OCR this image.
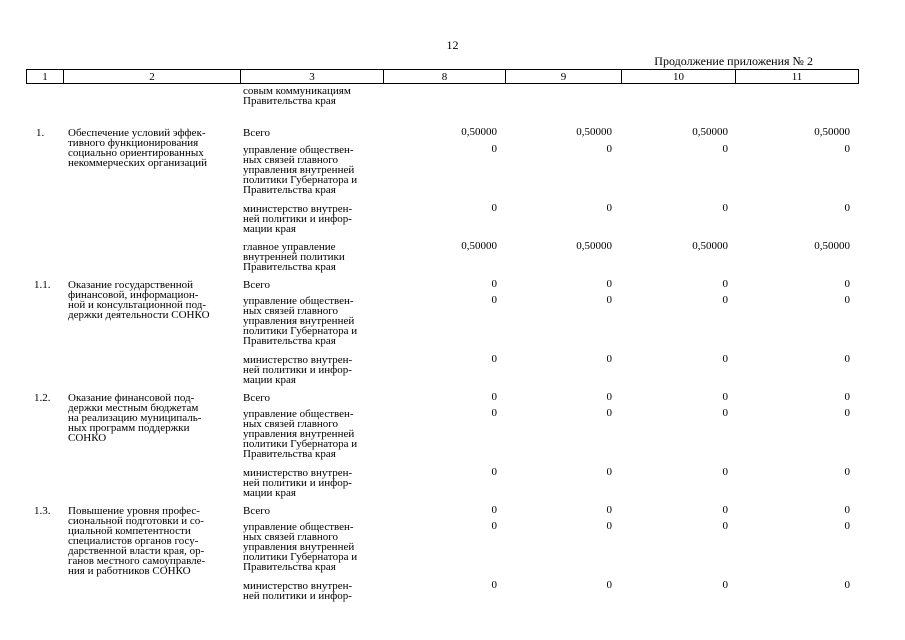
12
Продолжение приложения № 2
1	2	3	8	9	10	11
совым коммуникациям
Правительства края
1. Обеспечение условий эффек-
тивного функционирования
социально ориентированных
некоммерческих организаций
Всего	0,50000	0,50000	0,50000	0,50000
управление обществен-
ных связей главного
управления внутренней
политики Губернатора и
Правительства края
0	0	0	0
министерство внутрен-
ней политики и инфор-
мации края
0	0	0	0
главное управление
внутренней политики
Правительства края
0,50000	0,50000	0,50000	0,50000
1.1. Оказание государственной
финансовой, информацион-
ной и консультационной под-
держки деятельности СОНКО
Всего	0	0	0	0
управление обществен-
ных связей главного
управления внутренней
политики Губернатора и
Правительства края
0	0	0	0
министерство внутрен-
ней политики и инфор-
мации края
0	0	0	0
1.2. Оказание финансовой под-
держки местным бюджетам
на реализацию муниципаль-
ных программ поддержки
СОНКО
Всего	0	0	0	0
управление обществен-
ных связей главного
управления внутренней
политики Губернатора и
Правительства края
0	0	0	0
министерство внутрен-
ней политики и инфор-
мации края
0	0	0	0
1.3. Повышение уровня профес-
сиональной подготовки и со-
циальной компетентности
специалистов органов госу-
дарственной власти края, ор-
ганов местного самоуправле-
ния и работников СОНКО
Всего	0	0	0	0
управление обществен-
ных связей главного
управления внутренней
политики Губернатора и
Правительства края
0	0	0	0
министерство внутрен-
ней политики и инфор-
0	0	0	0
